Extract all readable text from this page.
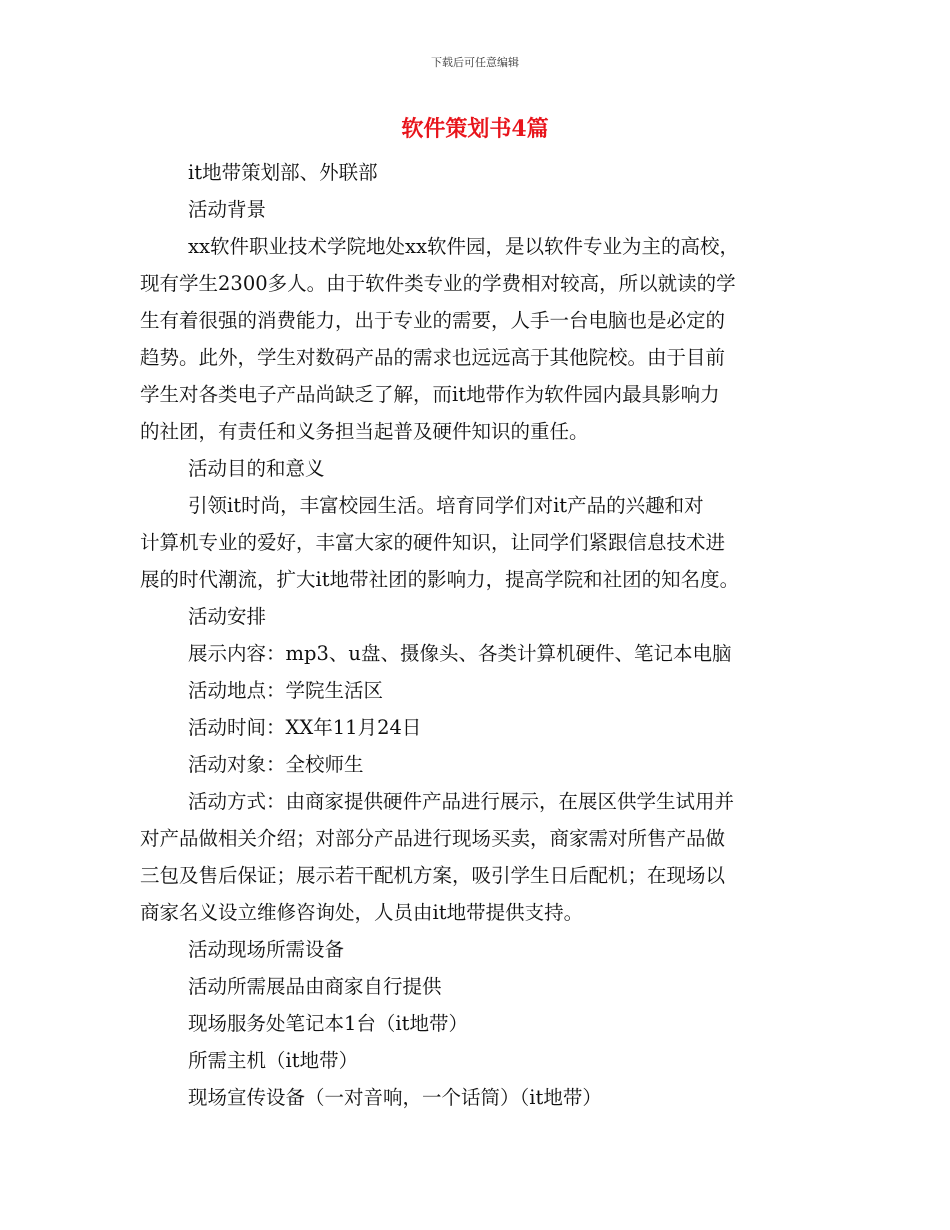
下载后可任意编辑
软件策划书4篇
it地带策划部、外联部
活动背景
xx软件职业技术学院地处xx软件园，是以软件专业为主的高校，
现有学生2300多人。由于软件类专业的学费相对较高，所以就读的学
生有着很强的消费能力，出于专业的需要，人手一台电脑也是必定的
趋势。此外，学生对数码产品的需求也远远高于其他院校。由于目前
学生对各类电子产品尚缺乏了解，而it地带作为软件园内最具影响力
的社团，有责任和义务担当起普及硬件知识的重任。
活动目的和意义
引领it时尚，丰富校园生活。培育同学们对it产品的兴趣和对
计算机专业的爱好，丰富大家的硬件知识，让同学们紧跟信息技术进
展的时代潮流，扩大it地带社团的影响力，提高学院和社团的知名度。
活动安排
展示内容：mp3、u盘、摄像头、各类计算机硬件、笔记本电脑
活动地点：学院生活区
活动时间：XX年11月24日
活动对象：全校师生
活动方式：由商家提供硬件产品进行展示，在展区供学生试用并
对产品做相关介绍；对部分产品进行现场买卖，商家需对所售产品做
三包及售后保证；展示若干配机方案，吸引学生日后配机；在现场以
商家名义设立维修咨询处，人员由it地带提供支持。
活动现场所需设备
活动所需展品由商家自行提供
现场服务处笔记本1台（it地带）
所需主机（it地带）
现场宣传设备（一对音响，一个话筒）（it地带）
